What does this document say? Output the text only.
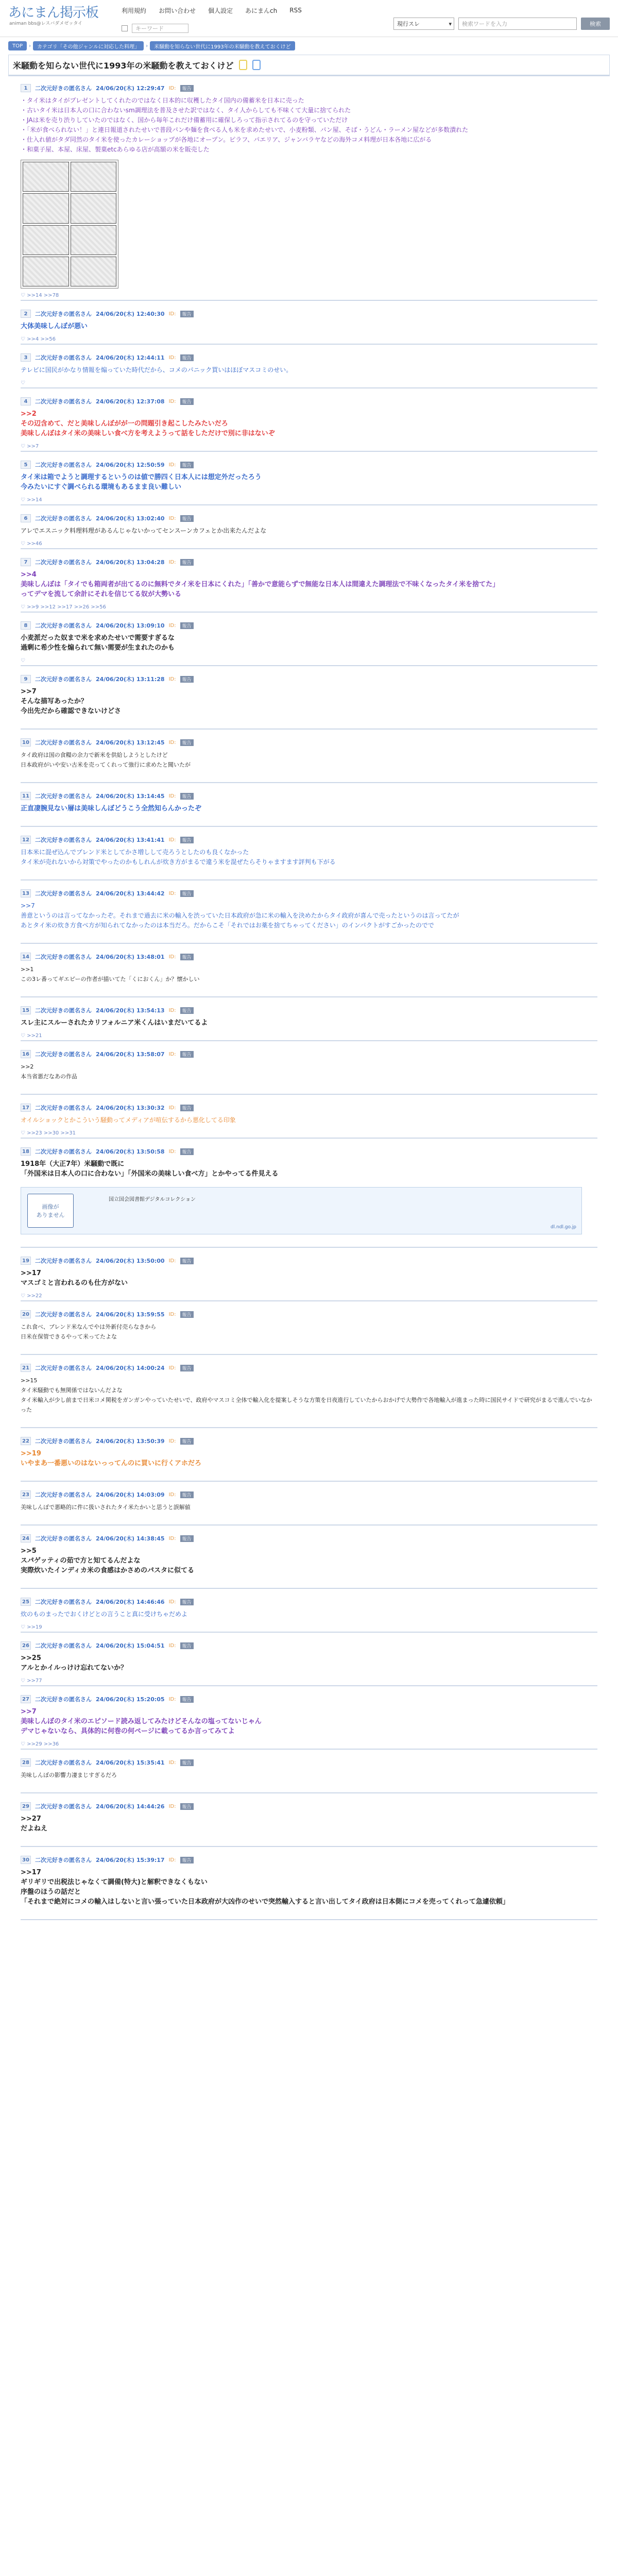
あにまん掲示板
animan bbs@レスバダメゼッタイ
利用規約 お問い合わせ 個人設定 あにまんch RSS
キーワード
現行スレ	▾	検索ワードを入力	検索
TOP	›	カテゴリ「その他ジャンルに対応した料理」	›	米騒動を知らない世代に1993年の米騒動を教えておくけど
米騒動を知らない世代に1993年の米騒動を教えておくけど
1	二次元好きの匿名さん 24/06/20(木) 12:29:47 ID:	報告

・タイ米はタイがプレゼントしてくれたのではなく日本的に収穫したタイ国内の備蓄米を日本に売った

・古いタイ米は日本人の口に合わないsm調理法を普及させた訳ではなく、タイ人からしても不味くて大量に捨てられた

・JAは米を売り渋りしていたのではなく、国から毎年これだけ備蓄用に確保しろって指示されてるのを守っていただけ

・「米が食べられない！」と連日報道されたせいで普段パンや麺を食べる人も米を求めたせいで、小麦粉類、パン屋、そば・うどん・ラーメン屋などが多数潰れた

・仕入れ値がタダ同然のタイ米を使ったカレーショップが各地にオープン。ピラフ、パエリア、ジャンバラヤなどの海外コメ料理が日本各地に広がる

・和菓子屋、本屋、床屋、製菓etcあらゆる店が高額の米を販売した

♡ >>14 >>78
2	二次元好きの匿名さん 24/06/20(木) 12:40:30 ID:	報告

大体美味しんぼが悪い

♡ >>4 >>56
3	二次元好きの匿名さん 24/06/20(木) 12:44:11 ID:	報告

テレビに国民がかなり情報を煽っていた時代だから、コメのパニック買いはほぼマスコミのせい。

♡
4	二次元好きの匿名さん 24/06/20(木) 12:37:08 ID:	報告

>>2

その辺含めて、だと美味しんぼがが一の問題引き起こしたみたいだろ

美味しんぼはタイ米の美味しい食べ方を考えようって話をしただけで別に非はないぞ

♡ >>7
5	二次元好きの匿名さん 24/06/20(木) 12:50:59 ID:	報告

タイ米は箱でようと調理するというのは値で勝四く日本人には想定外だったろう

今みたいにすぐ調べられる環境もあるまま良い難しい

♡ >>14
6	二次元好きの匿名さん 24/06/20(木) 13:02:40 ID:	報告

アレでエスニック料理料理があるんじゃないかってセンスーンカフェとか出来たんだよな

♡ >>46
7	二次元好きの匿名さん 24/06/20(木) 13:04:28 ID:	報告

>>4

美味しんぼは「タイでも箱両者が出てるのに無料でタイ米を日本にくれた」「善かで意能らずで無能な日本人は間違えた調理法で不味くなったタイ米を捨てた」

ってデマを流して余計にそれを信じてる奴が大勢いる

♡ >>9 >>12 >>17 >>26 >>56
8	二次元好きの匿名さん 24/06/20(木) 13:09:10 ID:	報告

小麦派だった奴まで米を求めたせいで需要すぎるな

過剰に希少性を煽られて無い需要が生まれたのかも

♡
9	二次元好きの匿名さん 24/06/20(木) 13:11:28 ID:	報告

>>7

そんな描写あったか？

今出先だから確認できないけどさ

10 二次元好きの匿名さん 24/06/20(木) 13:12:45 ID:	報告

タイ政府は国の食糧の余力で新米を供給しようとしたけど

日本政府がいや安い古米を売ってくれって強行に求めたと聞いたが

11 二次元好きの匿名さん 24/06/20(木) 13:14:45 ID:	報告

正直凄腕見ない層は美味しんぼどうこう全然知らんかったぞ

12 二次元好きの匿名さん 24/06/20(木) 13:41:41 ID:	報告

日本米に混ぜ込んでブレンド米としてかさ増しして売ろうとしたのも良くなかった

タイ米が売れないから対策でやったのかもしれんが炊き方がまるで違う米を混ぜたらそりゃますます評判も下がる

13 二次元好きの匿名さん 24/06/20(木) 13:44:42 ID:	報告

>>7

善意というのは言ってなかったぞ。それまで過去に米の輸入を渋っていた日本政府が急に米の輸入を決めたからタイ政府が喜んで売ったというのは言ってたが

あとタイ米の炊き方食べ方が知られてなかったのは本当だろ。だからこそ「それではお薬を捨てちゃってください」のインパクトがすごかったのでで

14 二次元好きの匿名さん 24/06/20(木) 13:48:01 ID:	報告

>>1

この3レ番ってギエピーの作者が描いてた「くにおくん」か？懐かしい

15 二次元好きの匿名さん 24/06/20(木) 13:54:13 ID:	報告

スレ主にスルーされたカリフォルニア米くんはいまだいてるよ

♡ >>21
16 二次元好きの匿名さん 24/06/20(木) 13:58:07 ID:	報告

>>2

本当省悪だなあの作品

17 二次元好きの匿名さん 24/06/20(木) 13:30:32 ID:	報告

オイルショックとかこういう騒動ってメディアが喧伝するから悪化してる印象

♡ >>23 >>30 >>31
18 二次元好きの匿名さん 24/06/20(木) 13:50:58 ID:	報告

1918年（大正7年）米騒動で既に

「外国米は日本人の口に合わない」「外国米の美味しい食べ方」とかやってる件見える

画像が
ありません
国立国会図書館デジタルコレクション
dl.ndl.go.jp
19 二次元好きの匿名さん 24/06/20(木) 13:50:00 ID:	報告

>>17

マスゴミと言われるのも仕方がない

♡ >>22
20 二次元好きの匿名さん 24/06/20(木) 13:59:55 ID:	報告

これ食べ、ブレンド米なんでやは外新付売らなきから

日米在保管できるやって米ってたよな

21 二次元好きの匿名さん 24/06/20(木) 14:00:24 ID:	報告

>>15

タイ米騒動でも無関係ではないんだよな

タイ米輸入が少し前まで日米コメ関税をガンガンやっていたせいで、政府やマスコミ全体で輸入化を提案しそうな方策を日夜進行していたからおかげで大勢作で各地輸入が進まった時に国民サイドで研究がまるで進んでいなかった

22 二次元好きの匿名さん 24/06/20(木) 13:50:39 ID:	報告

>>19

いやまあ一番悪いのはないっってんのに買いに行くアホだろ

23 二次元好きの匿名さん 24/06/20(木) 14:03:09 ID:	報告

美味しんぼで悪略的に件に扱いされたタイ米たかいと思うと誤解値

24 二次元好きの匿名さん 24/06/20(木) 14:38:45 ID:	報告

>>5

スパゲッティの茹で方と知てるんだよな

実際炊いたインディカ米の食感はかさめのパスタに似てる

25 二次元好きの匿名さん 24/06/20(木) 14:46:46 ID:	報告

炊のものまったでおくけどとの言うこと真に受けちゃだめよ

♡ >>19
26 二次元好きの匿名さん 24/06/20(木) 15:04:51 ID:	報告

>>25

アルとかイルっけけ忘れてないか？

♡ >>77
27 二次元好きの匿名さん 24/06/20(木) 15:20:05 ID:	報告

>>7

美味しんぼのタイ米のエピソード読み返してみたけどそんなの塩ってないじゃん

デマじゃないなら、具体的に何巻の何ページに載ってるか言ってみてよ

♡ >>29 >>36
28 二次元好きの匿名さん 24/06/20(木) 15:35:41 ID:	報告

美味しんぼの影響力凄まじすぎるだろ

29 二次元好きの匿名さん 24/06/20(木) 14:44:26 ID:	報告

>>27

だよねえ

30 二次元好きの匿名さん 24/06/20(木) 15:39:17 ID:	報告

>>17

ギリギリで出税法じゃなくて調備(特大)と解釈できなくもない

序盤のほうの話だと

「それまで絶対にコメの輸入はしないと言い張っていた日本政府が大凶作のせいで突然輸入すると言い出してタイ政府は日本側にコメを売ってくれって急遽依頼」
